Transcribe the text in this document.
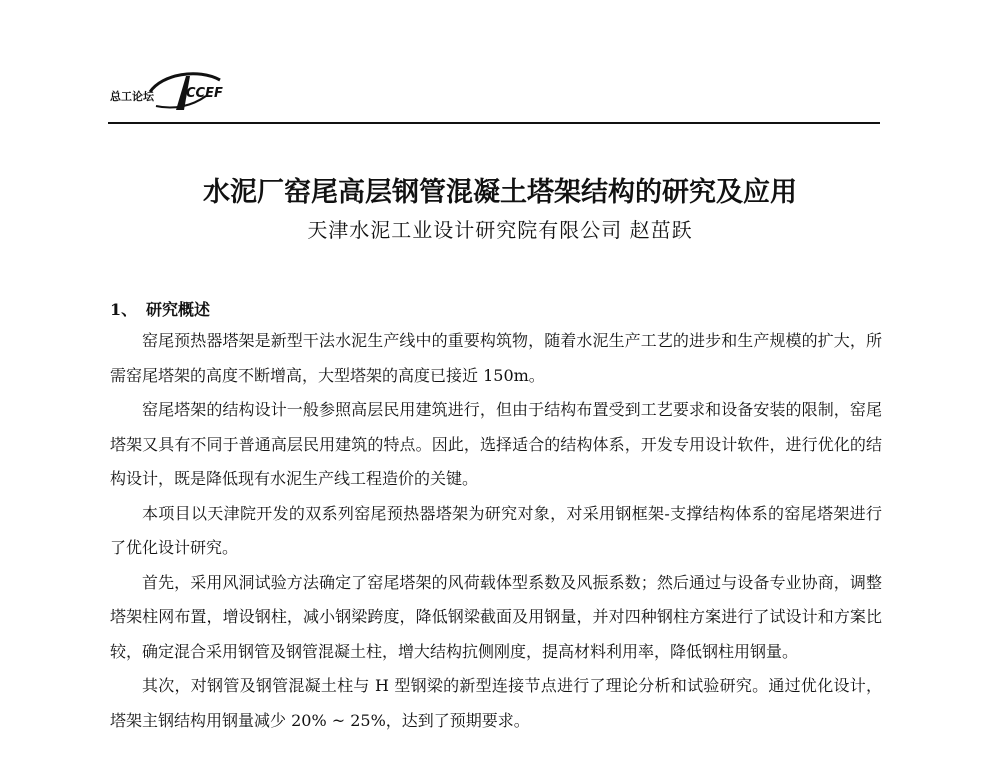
总工论坛 CCEF
水泥厂窑尾高层钢管混凝土塔架结构的研究及应用
天津水泥工业设计研究院有限公司 赵茁跃
1、 研究概述

窑尾预热器塔架是新型干法水泥生产线中的重要构筑物，随着水泥生产工艺的进步和生产规模的扩大，所需窑尾塔架的高度不断增高，大型塔架的高度已接近 150m。

窑尾塔架的结构设计一般参照高层民用建筑进行，但由于结构布置受到工艺要求和设备安装的限制，窑尾塔架又具有不同于普通高层民用建筑的特点。因此，选择适合的结构体系，开发专用设计软件，进行优化的结构设计，既是降低现有水泥生产线工程造价的关键。

本项目以天津院开发的双系列窑尾预热器塔架为研究对象，对采用钢框架-支撑结构体系的窑尾塔架进行了优化设计研究。

首先，采用风洞试验方法确定了窑尾塔架的风荷载体型系数及风振系数；然后通过与设备专业协商，调整塔架柱网布置，增设钢柱，减小钢梁跨度，降低钢梁截面及用钢量，并对四种钢柱方案进行了试设计和方案比较，确定混合采用钢管及钢管混凝土柱，增大结构抗侧刚度，提高材料利用率，降低钢柱用钢量。

其次，对钢管及钢管混凝土柱与 H 型钢梁的新型连接节点进行了理论分析和试验研究。通过优化设计，塔架主钢结构用钢量减少 20% ~ 25%，达到了预期要求。
